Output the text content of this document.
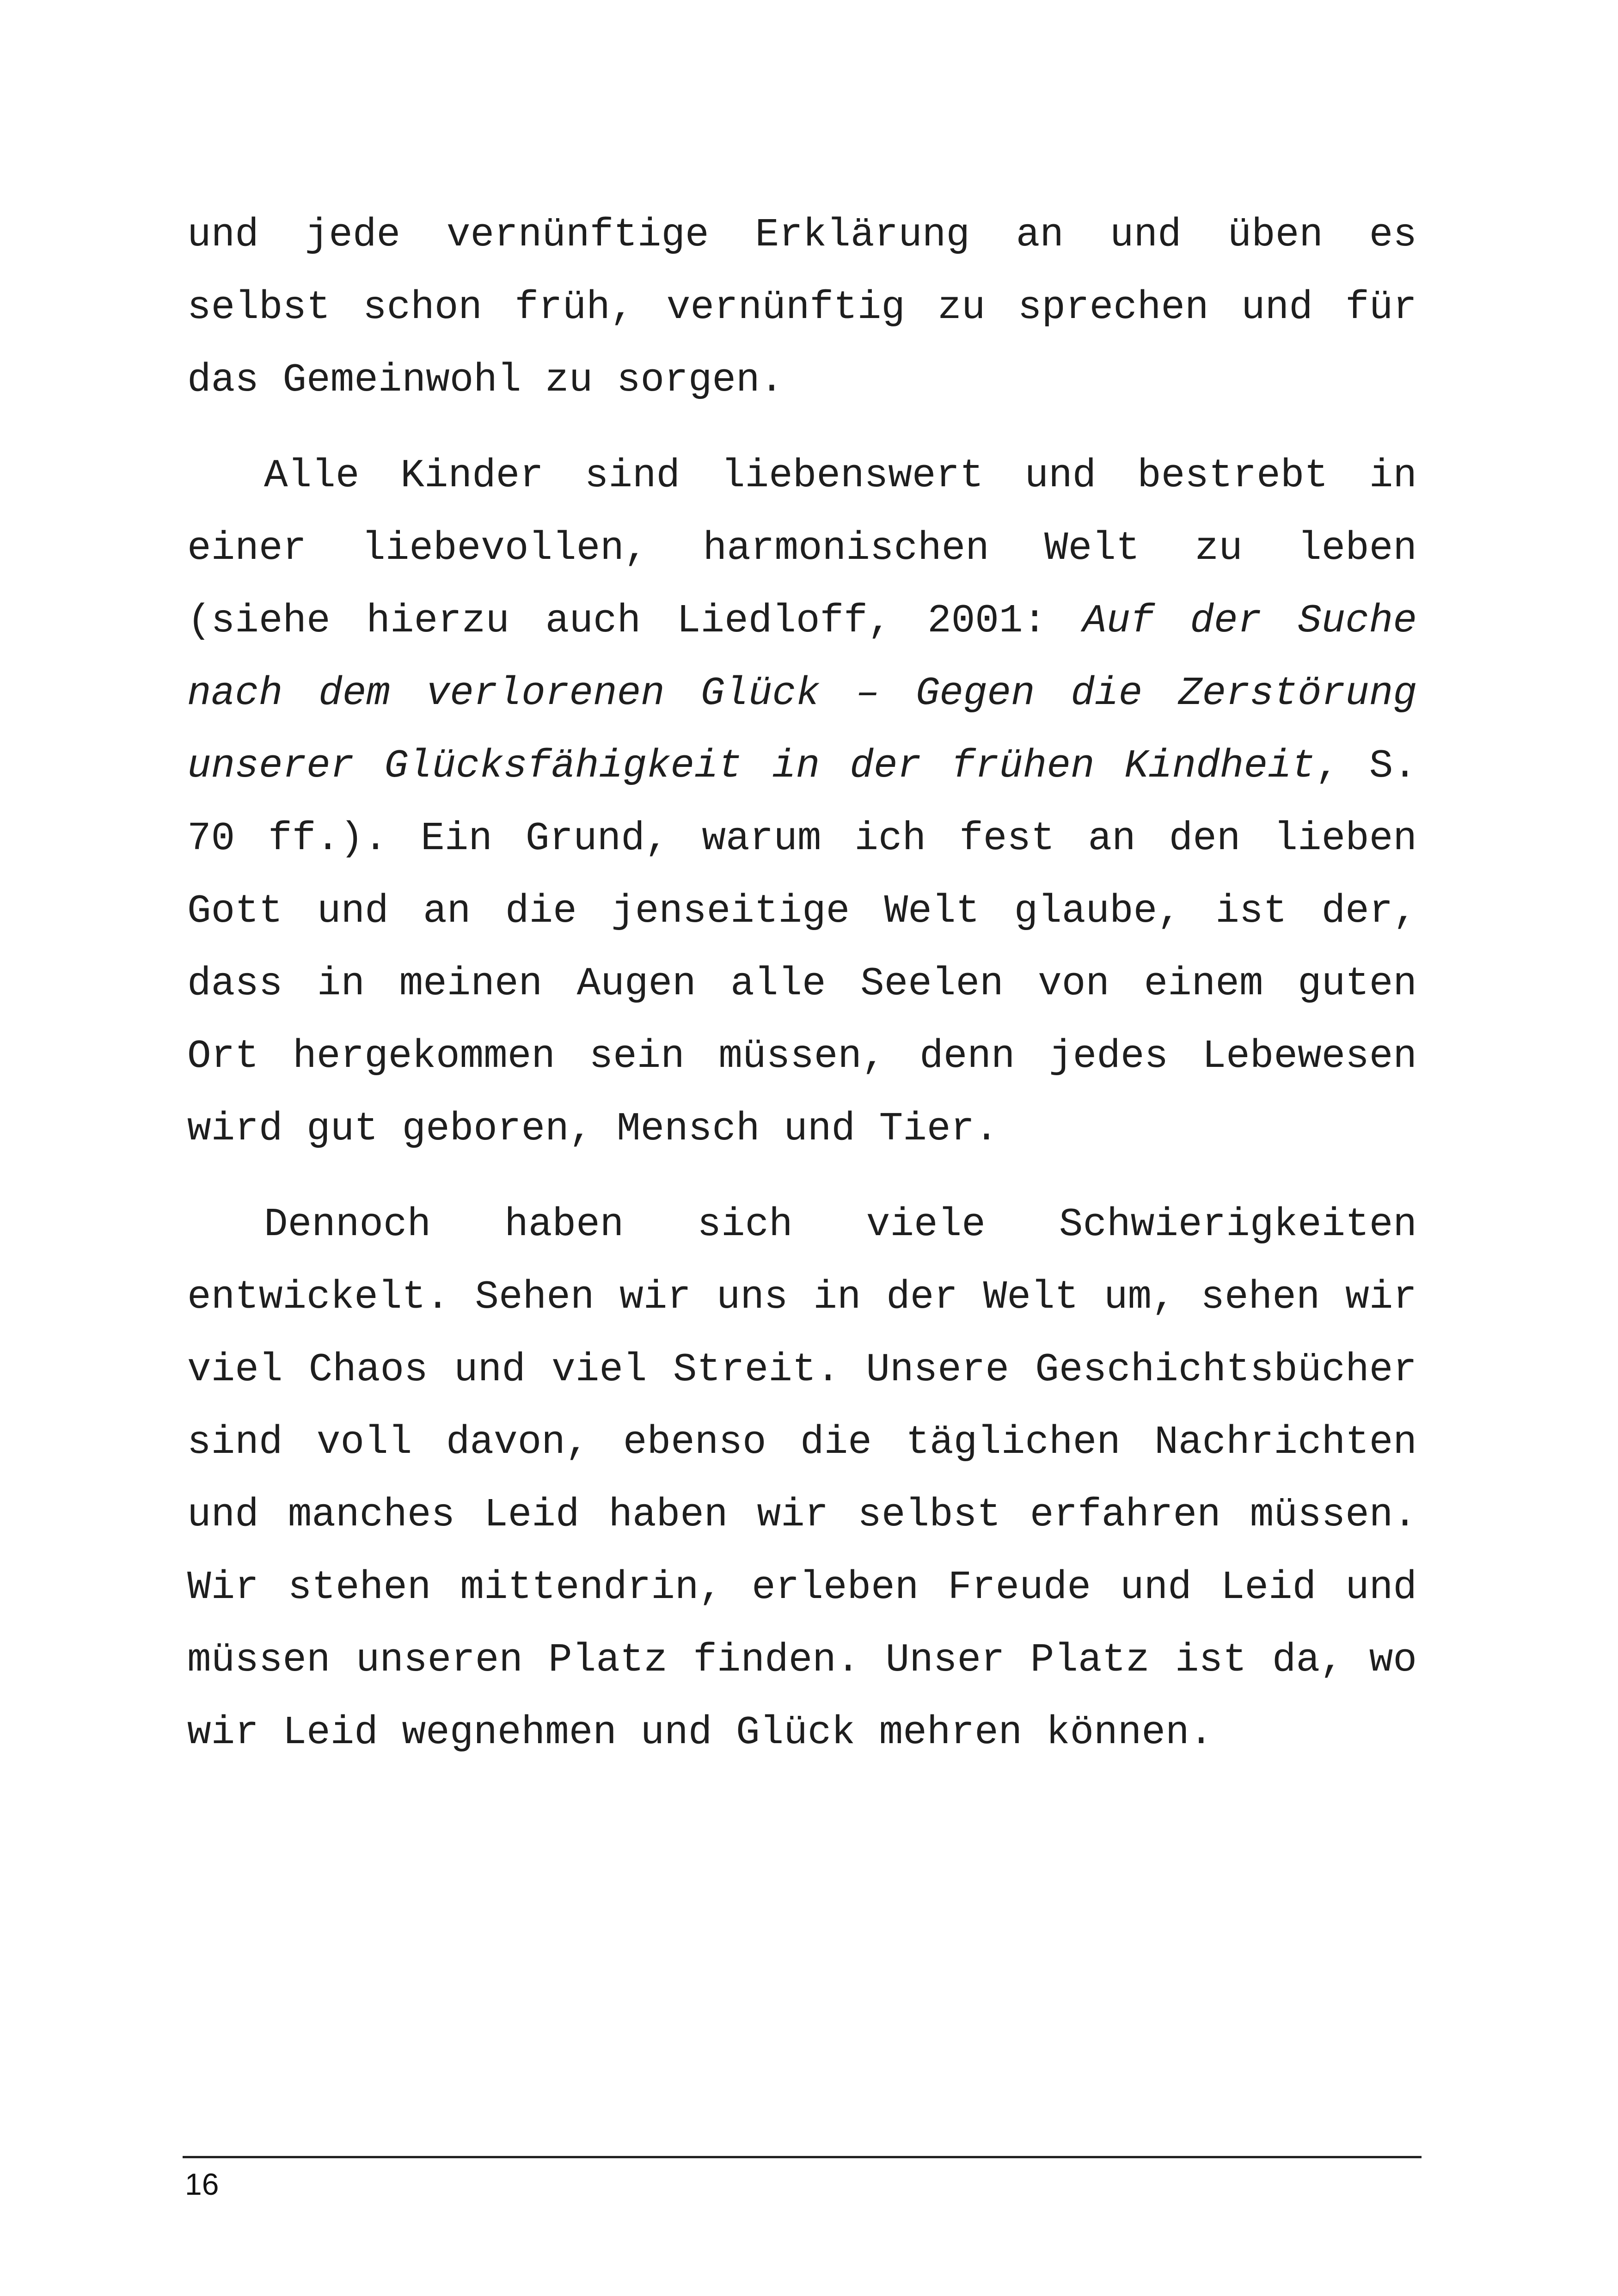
und jede vernünftige Erklärung an und üben es selbst schon früh, vernünftig zu sprechen und für das Gemeinwohl zu sorgen.

Alle Kinder sind liebenswert und bestrebt in einer liebevollen, harmonischen Welt zu leben (siehe hierzu auch Liedloff, 2001: Auf der Suche nach dem verlorenen Glück – Gegen die Zerstörung unserer Glücksfähigkeit in der frühen Kindheit, S. 70 ff.). Ein Grund, warum ich fest an den lieben Gott und an die jenseitige Welt glaube, ist der, dass in meinen Augen alle Seelen von einem guten Ort hergekommen sein müssen, denn jedes Lebewesen wird gut geboren, Mensch und Tier.

Dennoch haben sich viele Schwierigkeiten entwickelt. Sehen wir uns in der Welt um, sehen wir viel Chaos und viel Streit. Unsere Geschichtsbücher sind voll davon, ebenso die täglichen Nachrichten und manches Leid haben wir selbst erfahren müssen. Wir stehen mittendrin, erleben Freude und Leid und müssen unseren Platz finden. Unser Platz ist da, wo wir Leid wegnehmen und Glück mehren können.

16
